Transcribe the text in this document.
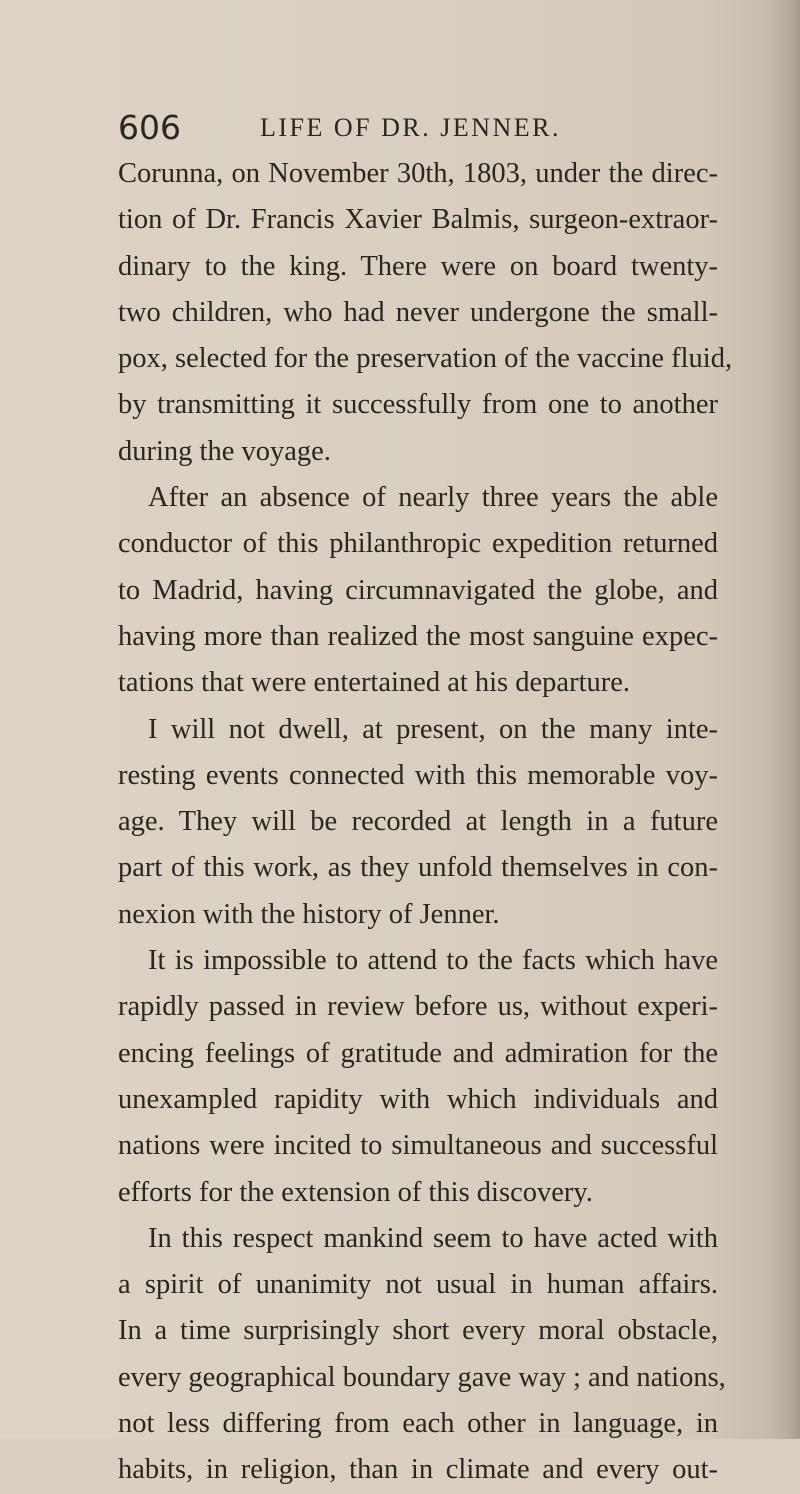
606	LIFE OF DR. JENNER.
Corunna, on November 30th, 1803, under the direc-
tion of Dr. Francis Xavier Balmis, surgeon-extraor-
dinary to the king. There were on board twenty-
two children, who had never undergone the small-
pox, selected for the preservation of the vaccine fluid,
by transmitting it successfully from one to another
during the voyage.
After an absence of nearly three years the able
conductor of this philanthropic expedition returned
to Madrid, having circumnavigated the globe, and
having more than realized the most sanguine expec-
tations that were entertained at his departure.
I will not dwell, at present, on the many inte-
resting events connected with this memorable voy-
age. They will be recorded at length in a future
part of this work, as they unfold themselves in con-
nexion with the history of Jenner.
It is impossible to attend to the facts which have
rapidly passed in review before us, without experi-
encing feelings of gratitude and admiration for the
unexampled rapidity with which individuals and
nations were incited to simultaneous and successful
efforts for the extension of this discovery.
In this respect mankind seem to have acted with
a spirit of unanimity not usual in human affairs.
In a time surprisingly short every moral obstacle,
every geographical boundary gave way ; and nations,
not less differing from each other in language, in
habits, in religion, than in climate and every out-
